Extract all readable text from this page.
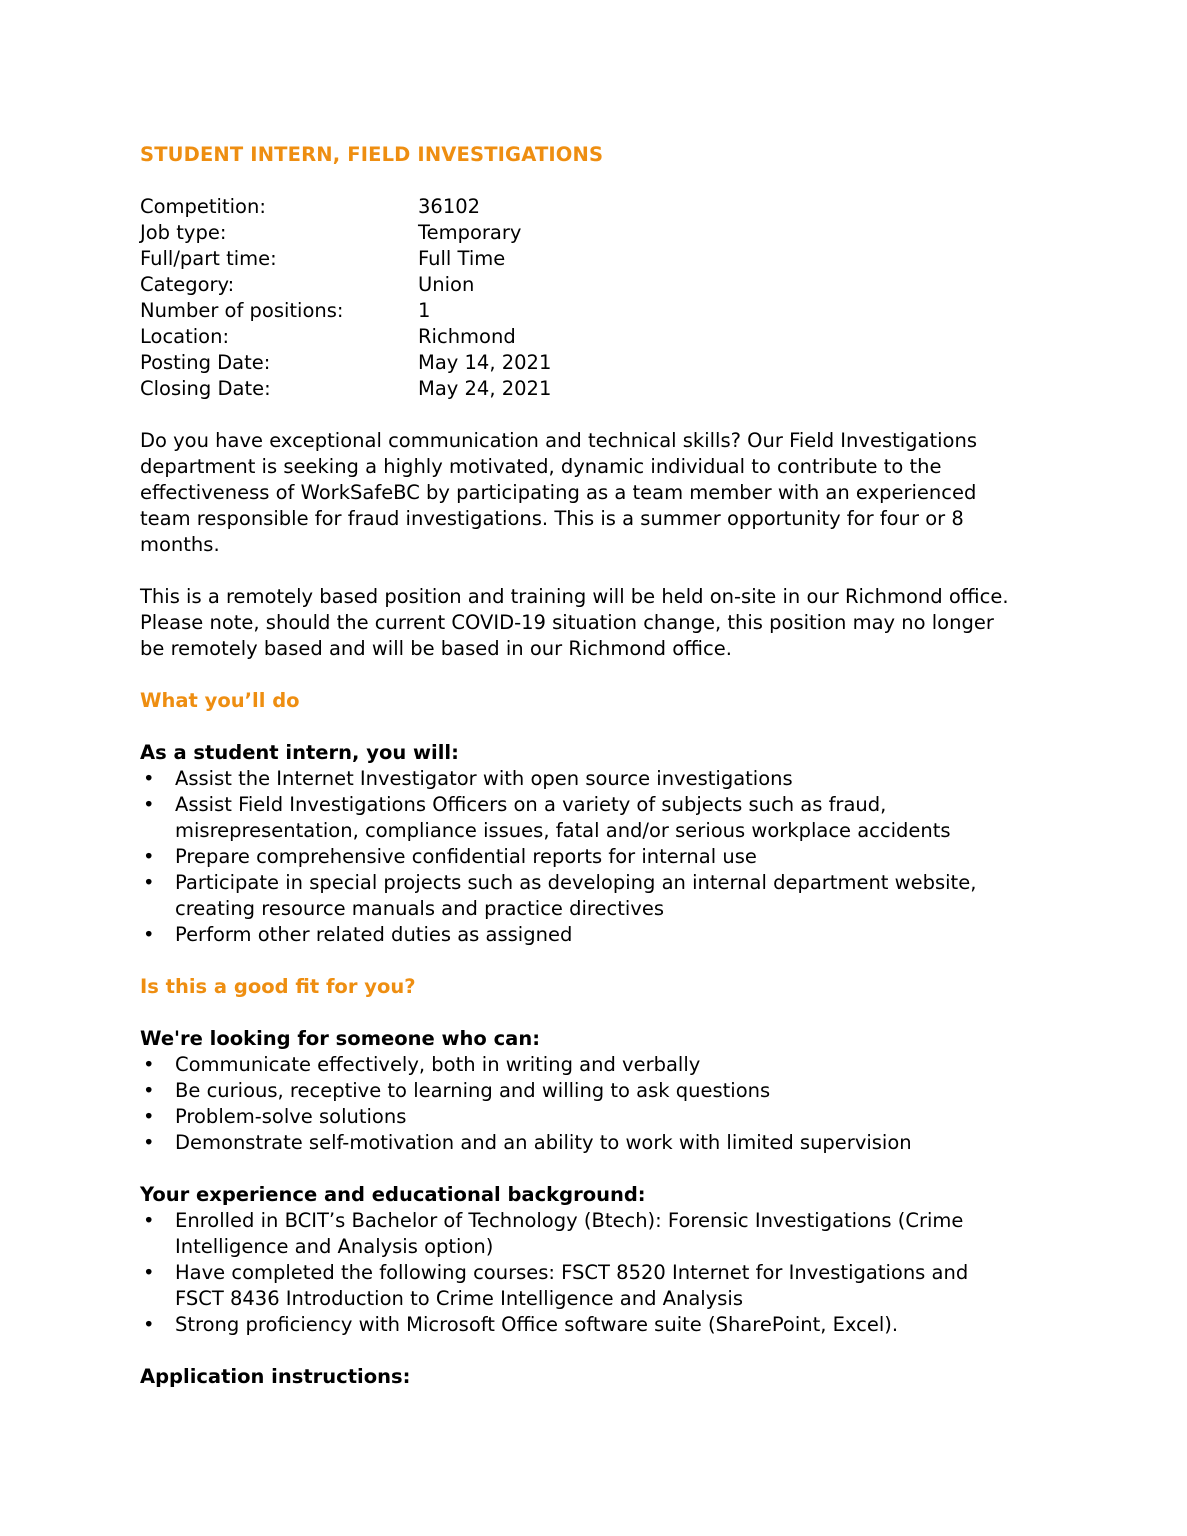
STUDENT INTERN, FIELD INVESTIGATIONS
Competition:	36102
Job type:	Temporary
Full/part time:	Full Time
Category:	Union
Number of positions:	1
Location:	Richmond
Posting Date:	May 14, 2021
Closing Date:	May 24, 2021

Do you have exceptional communication and technical skills? Our Field Investigations department is seeking a highly motivated, dynamic individual to contribute to the effectiveness of WorkSafeBC by participating as a team member with an experienced team responsible for fraud investigations. This is a summer opportunity for four or 8 months.

This is a remotely based position and training will be held on-site in our Richmond office. Please note, should the current COVID-19 situation change, this position may no longer be remotely based and will be based in our Richmond office.

What you’ll do
As a student intern, you will:
• Assist the Internet Investigator with open source investigations
• Assist Field Investigations Officers on a variety of subjects such as fraud, misrepresentation, compliance issues, fatal and/or serious workplace accidents
• Prepare comprehensive confidential reports for internal use
• Participate in special projects such as developing an internal department website, creating resource manuals and practice directives
• Perform other related duties as assigned
Is this a good fit for you?
We're looking for someone who can:
• Communicate effectively, both in writing and verbally
• Be curious, receptive to learning and willing to ask questions
• Problem-solve solutions
• Demonstrate self-motivation and an ability to work with limited supervision
Your experience and educational background:
• Enrolled in BCIT’s Bachelor of Technology (Btech): Forensic Investigations (Crime Intelligence and Analysis option)
• Have completed the following courses: FSCT 8520 Internet for Investigations and FSCT 8436 Introduction to Crime Intelligence and Analysis
• Strong proficiency with Microsoft Office software suite (SharePoint, Excel).
Application instructions:
